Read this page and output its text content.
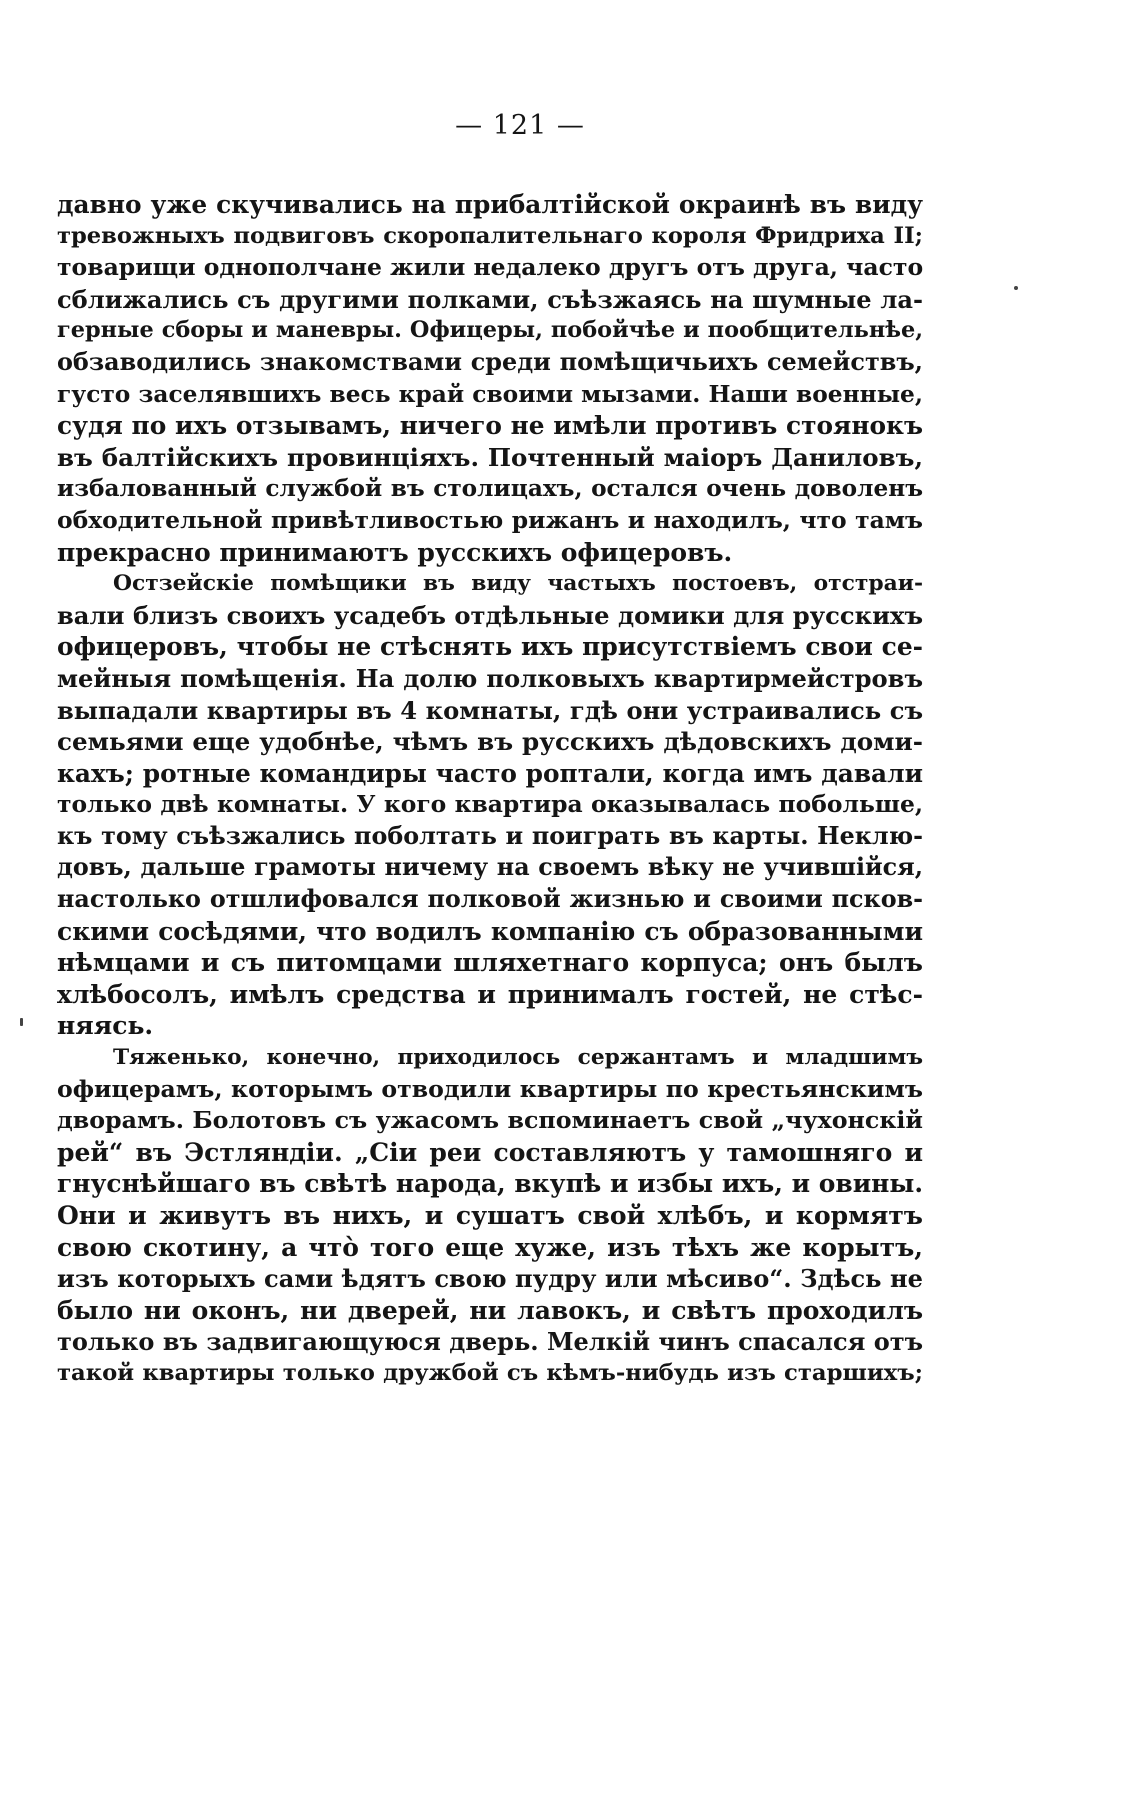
— 121 —
давно уже скучивались на прибалтійской окраинѣ въ виду
тревожныхъ подвиговъ скоропалительнаго короля Фридриха II;
товарищи однополчане жили недалеко другъ отъ друга, часто
сближались съ другими полками, съѣзжаясь на шумные ла-
герные сборы и маневры. Офицеры, побойчѣе и пообщительнѣе,
обзаводились знакомствами среди помѣщичьихъ семействъ,
густо заселявшихъ весь край своими мызами. Наши военные,
судя по ихъ отзывамъ, ничего не имѣли противъ стоянокъ
въ балтійскихъ провинціяхъ. Почтенный маіоръ Даниловъ,
избалованный службой въ столицахъ, остался очень доволенъ
обходительной привѣтливостью рижанъ и находилъ, что тамъ
прекрасно принимаютъ русскихъ офицеровъ.
Остзейскіе помѣщики въ виду частыхъ постоевъ, отстраи-
вали близъ своихъ усадебъ отдѣльные домики для русскихъ
офицеровъ, чтобы не стѣснять ихъ присутствіемъ свои се-
мейныя помѣщенія. На долю полковыхъ квартирмейстровъ
выпадали квартиры въ 4 комнаты, гдѣ они устраивались съ
семьями еще удобнѣе, чѣмъ въ русскихъ дѣдовскихъ доми-
кахъ; ротные командиры часто роптали, когда имъ давали
только двѣ комнаты. У кого квартира оказывалась побольше,
къ тому съѣзжались поболтать и поиграть въ карты. Неклю-
довъ, дальше грамоты ничему на своемъ вѣку не учившійся,
настолько отшлифовался полковой жизнью и своими псков-
скими сосѣдями, что водилъ компанію съ образованными
нѣмцами и съ питомцами шляхетнаго корпуса; онъ былъ
хлѣбосолъ, имѣлъ средства и принималъ гостей, не стѣс-
няясь.
Тяженько, конечно, приходилось сержантамъ и младшимъ
офицерамъ, которымъ отводили квартиры по крестьянскимъ
дворамъ. Болотовъ съ ужасомъ вспоминаетъ свой „чухонскій
рей“ въ Эстляндіи. „Сіи реи составляютъ у тамошняго и
гнуснѣйшаго въ свѣтѣ народа, вкупѣ и избы ихъ, и овины.
Они и живутъ въ нихъ, и сушатъ свой хлѣбъ, и кормятъ
свою скотину, а что̀ того еще хуже, изъ тѣхъ же корытъ,
изъ которыхъ сами ѣдятъ свою пудру или мѣсиво“. Здѣсь не
было ни оконъ, ни дверей, ни лавокъ, и свѣтъ проходилъ
только въ задвигающуюся дверь. Мелкій чинъ спасался отъ
такой квартиры только дружбой съ кѣмъ-нибудь изъ старшихъ;
